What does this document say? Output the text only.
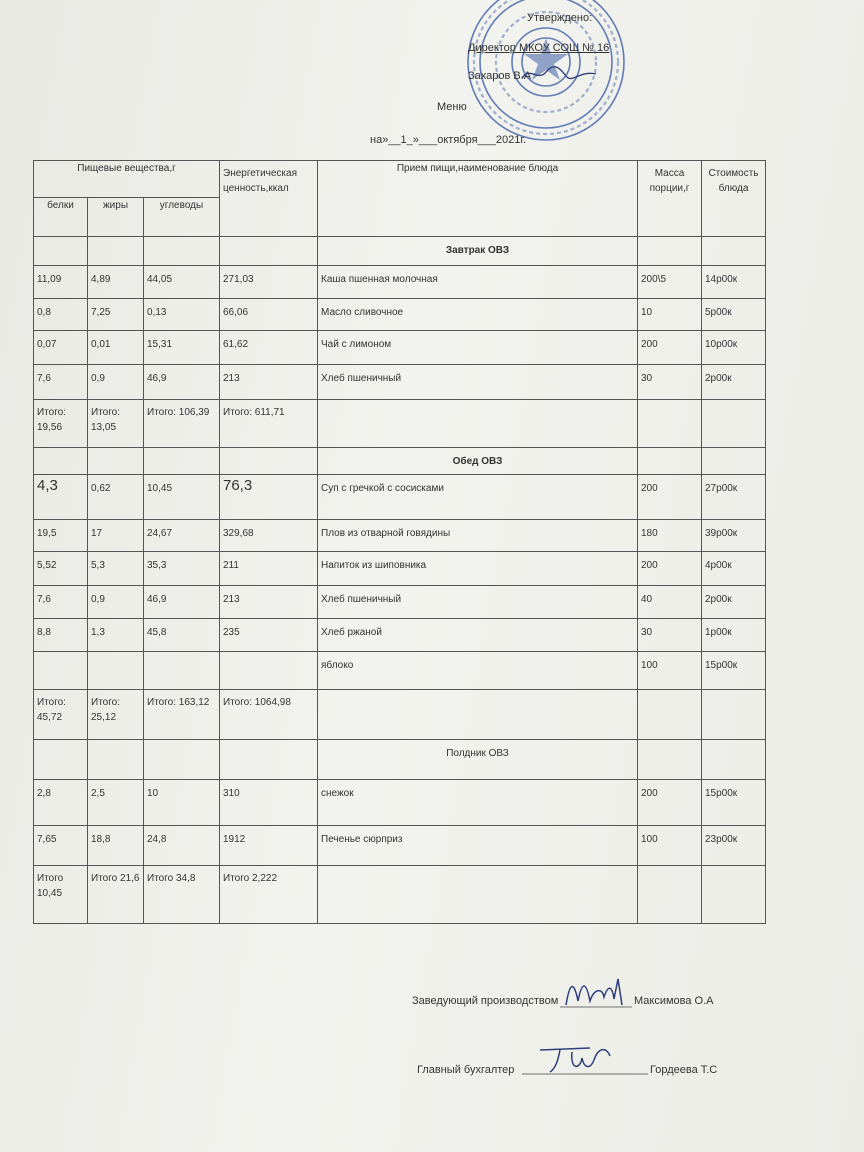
Утверждено:
Директор МКОУ СОШ № 16
Захаров В.А
Меню
на»__1_»___октября___2021г.
Пищевые вещества,г			Энергетическая ценность,ккал	Прием пищи,наименование блюда	Масса порции,г	Стоимость блюда
белки	жиры	углеводы				
				Завтрак ОВЗ		
11,09	4,89	44,05	271,03	Каша пшенная молочная	200\5	14р00к
0,8	7,25	0,13	66,06	Масло сливочное	10	5р00к
0,07	0,01	15,31	61,62	Чай с лимоном	200	10р00к
7,6	0,9	46,9	213	Хлеб пшеничный	30	2р00к
Итого: 19,56	Итого: 13,05	Итого: 106,39	Итого: 611,71			
				Обед ОВЗ		
4,3	0,62	10,45	76,3	Суп с гречкой с сосисками	200	27р00к
19,5	17	24,67	329,68	Плов из отварной говядины	180	39р00к
5,52	5,3	35,3	211	Напиток из шиповника	200	4р00к
7,6	0,9	46,9	213	Хлеб пшеничный	40	2р00к
8,8	1,3	45,8	235	Хлеб ржаной	30	1р00к
				яблоко	100	15р00к
Итого: 45,72	Итого: 25,12	Итого: 163,12	Итого: 1064,98			
				Полдник ОВЗ		
2,8	2,5	10	310	снежок	200	15р00к
7,65	18,8	24,8	1912	Печенье сюрприз	100	23р00к
Итого 10,45	Итого 21,6	Итого 34,8	Итого 2,222			
Заведующий производством	Максимова О.А
Главный бухгалтер	Гордеева Т.С
